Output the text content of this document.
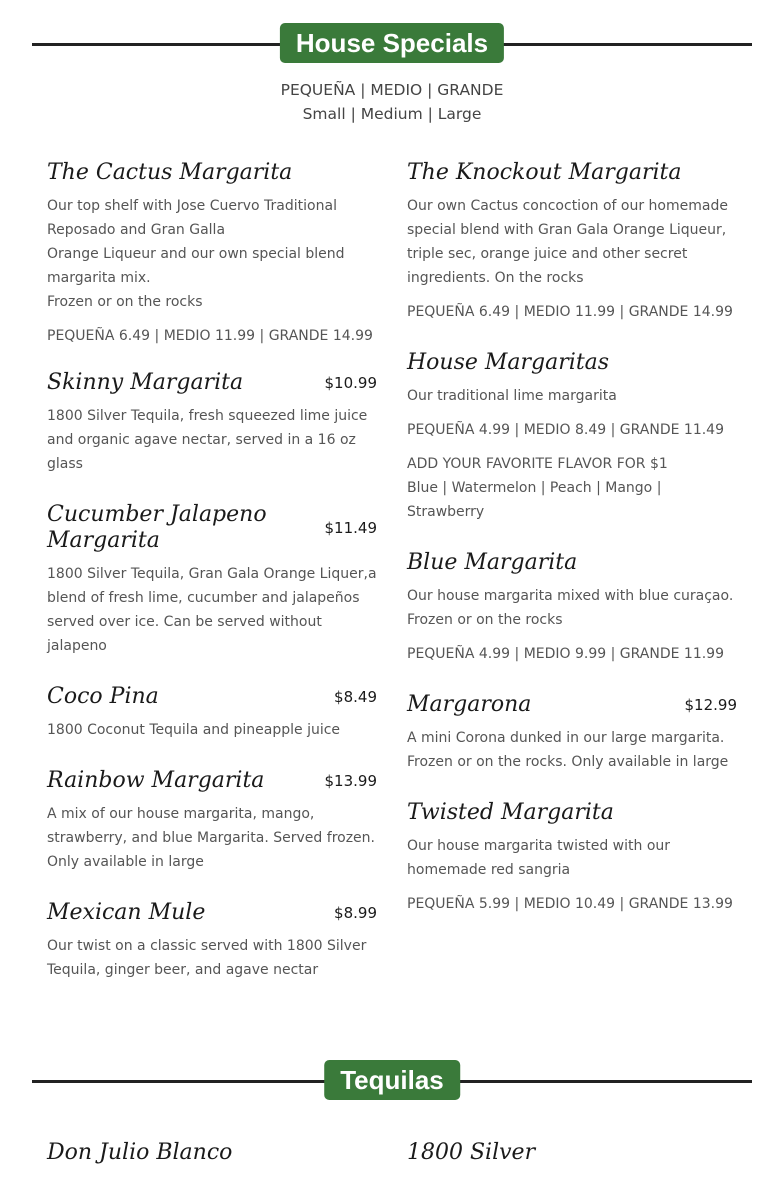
House Specials
PEQUEÑA | MEDIO | GRANDE
Small | Medium | Large
The Cactus Margarita

Our top shelf with Jose Cuervo Traditional Reposado and Gran Galla

Orange Liqueur and our own special blend margarita mix.

Frozen or on the rocks

PEQUEÑA 6.49 | MEDIO 11.99 | GRANDE 14.99
Skinny Margarita	$10.99

1800 Silver Tequila, fresh squeezed lime juice and organic agave nectar, served in a 16 oz glass

Cucumber Jalapeno Margarita	$11.49

1800 Silver Tequila, Gran Gala Orange Liquer,a blend of fresh lime, cucumber and jalapeños served over ice. Can be served without jalapeno

Coco Pina	$8.49

1800 Coconut Tequila and pineapple juice

Rainbow Margarita	$13.99

A mix of our house margarita, mango, strawberry, and blue Margarita. Served frozen. Only available in large

Mexican Mule	$8.99

Our twist on a classic served with 1800 Silver Tequila, ginger beer, and agave nectar

The Knockout Margarita

Our own Cactus concoction of our homemade special blend with Gran Gala Orange Liqueur, triple sec, orange juice and other secret ingredients. On the rocks

PEQUEÑA 6.49 | MEDIO 11.99 | GRANDE 14.99
House Margaritas

Our traditional lime margarita

PEQUEÑA 4.99 | MEDIO 8.49 | GRANDE 11.49
ADD YOUR FAVORITE FLAVOR FOR $1
Blue | Watermelon | Peach | Mango | Strawberry
Blue Margarita

Our house margarita mixed with blue curaçao. Frozen or on the rocks

PEQUEÑA 4.99 | MEDIO 9.99 | GRANDE 11.99
Margarona	$12.99

A mini Corona dunked in our large margarita. Frozen or on the rocks. Only available in large

Twisted Margarita

Our house margarita twisted with our homemade red sangria

PEQUEÑA 5.99 | MEDIO 10.49 | GRANDE 13.99
Tequilas
Don Julio Blanco	1800 Silver
